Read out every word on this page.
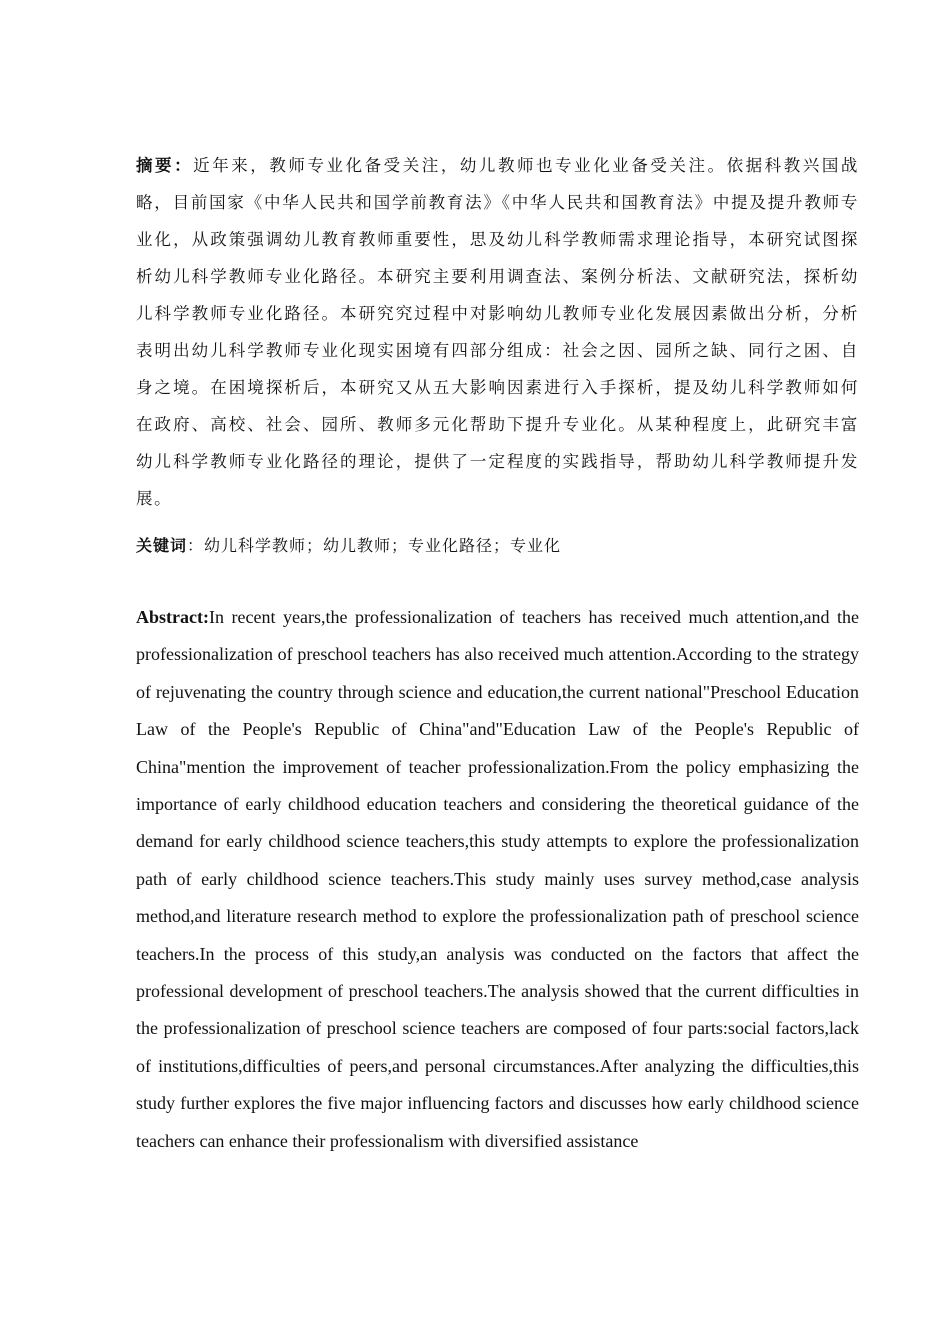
摘要：近年来，教师专业化备受关注，幼儿教师也专业化业备受关注。依据科教兴国战略，目前国家《中华人民共和国学前教育法》《中华人民共和国教育法》中提及提升教师专业化，从政策强调幼儿教育教师重要性，思及幼儿科学教师需求理论指导，本研究试图探析幼儿科学教师专业化路径。本研究主要利用调查法、案例分析法、文献研究法，探析幼儿科学教师专业化路径。本研究究过程中对影响幼儿教师专业化发展因素做出分析，分析表明出幼儿科学教师专业化现实困境有四部分组成：社会之因、园所之缺、同行之困、自身之境。在困境探析后，本研究又从五大影响因素进行入手探析，提及幼儿科学教师如何在政府、高校、社会、园所、教师多元化帮助下提升专业化。从某种程度上，此研究丰富幼儿科学教师专业化路径的理论，提供了一定程度的实践指导，帮助幼儿科学教师提升发展。

关键词：幼儿科学教师；幼儿教师；专业化路径；专业化

Abstract:In recent years,the professionalization of teachers has received much attention,and the professionalization of preschool teachers has also received much attention.According to the strategy of rejuvenating the country through science and education,the current national"Preschool Education Law of the People's Republic of China"and"Education Law of the People's Republic of China"mention the improvement of teacher professionalization.From the policy emphasizing the importance of early childhood education teachers and considering the theoretical guidance of the demand for early childhood science teachers,this study attempts to explore the professionalization path of early childhood science teachers.This study mainly uses survey method,case analysis method,and literature research method to explore the professionalization path of preschool science teachers.In the process of this study,an analysis was conducted on the factors that affect the professional development of preschool teachers.The analysis showed that the current difficulties in the professionalization of preschool science teachers are composed of four parts:social factors,lack of institutions,difficulties of peers,and personal circumstances.After analyzing the difficulties,this study further explores the five major influencing factors and discusses how early childhood science teachers can enhance their professionalism with diversified assistance
